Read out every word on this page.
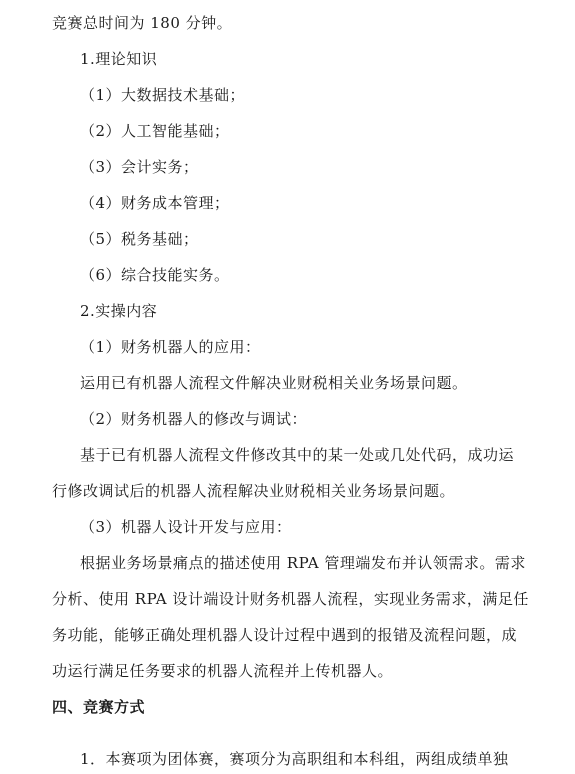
竞赛总时间为 180 分钟。
1.理论知识
（1）大数据技术基础；
（2）人工智能基础；
（3）会计实务；
（4）财务成本管理；
（5）税务基础；
（6）综合技能实务。
2.实操内容
（1）财务机器人的应用：
运用已有机器人流程文件解决业财税相关业务场景问题。
（2）财务机器人的修改与调试：
基于已有机器人流程文件修改其中的某一处或几处代码，成功运
行修改调试后的机器人流程解决业财税相关业务场景问题。
（3）机器人设计开发与应用：
根据业务场景痛点的描述使用 RPA 管理端发布并认领需求。需求
分析、使用 RPA 设计端设计财务机器人流程，实现业务需求，满足任
务功能，能够正确处理机器人设计过程中遇到的报错及流程问题，成
功运行满足任务要求的机器人流程并上传机器人。
四、竞赛方式
1．本赛项为团体赛，赛项分为高职组和本科组，两组成绩单独
